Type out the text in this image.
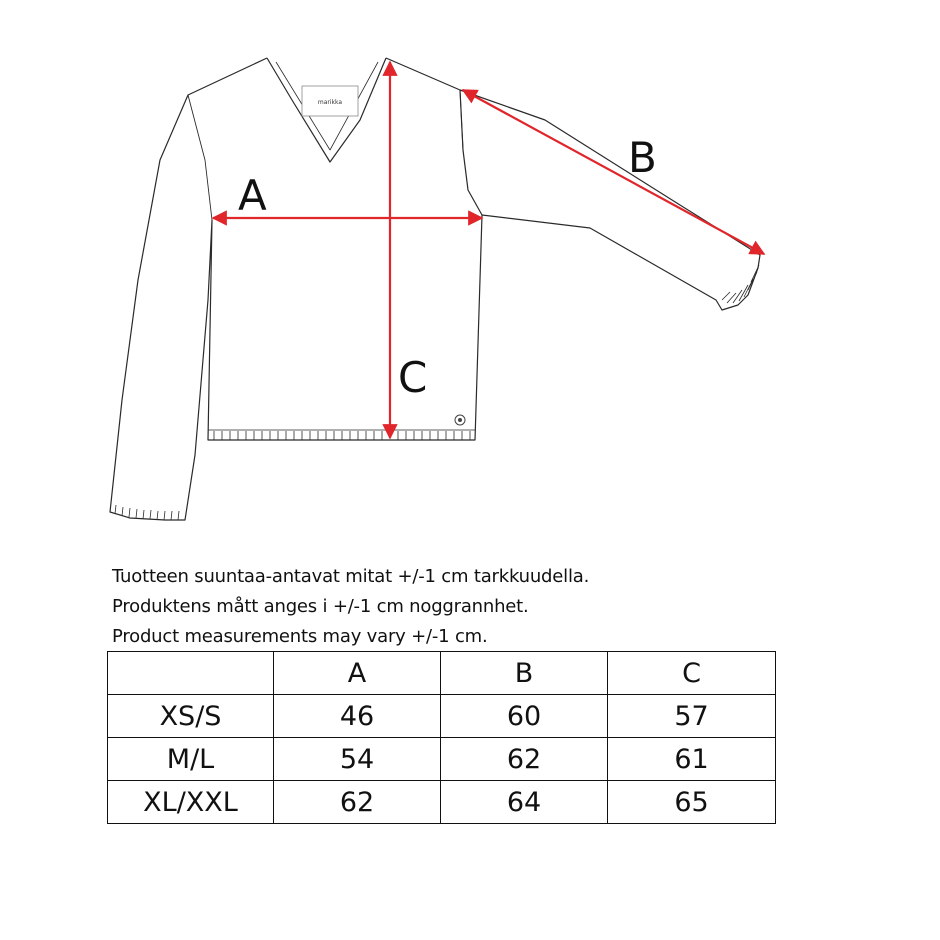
marikka
A
B
C
Tuotteen suuntaa-antavat mitat +/-1 cm tarkkuudella.
Produktens mått anges i +/-1 cm noggrannhet.
Product measurements may vary +/-1 cm.
	A	B	C
XS/S	46	60	57
M/L	54	62	61
XL/XXL	62	64	65
